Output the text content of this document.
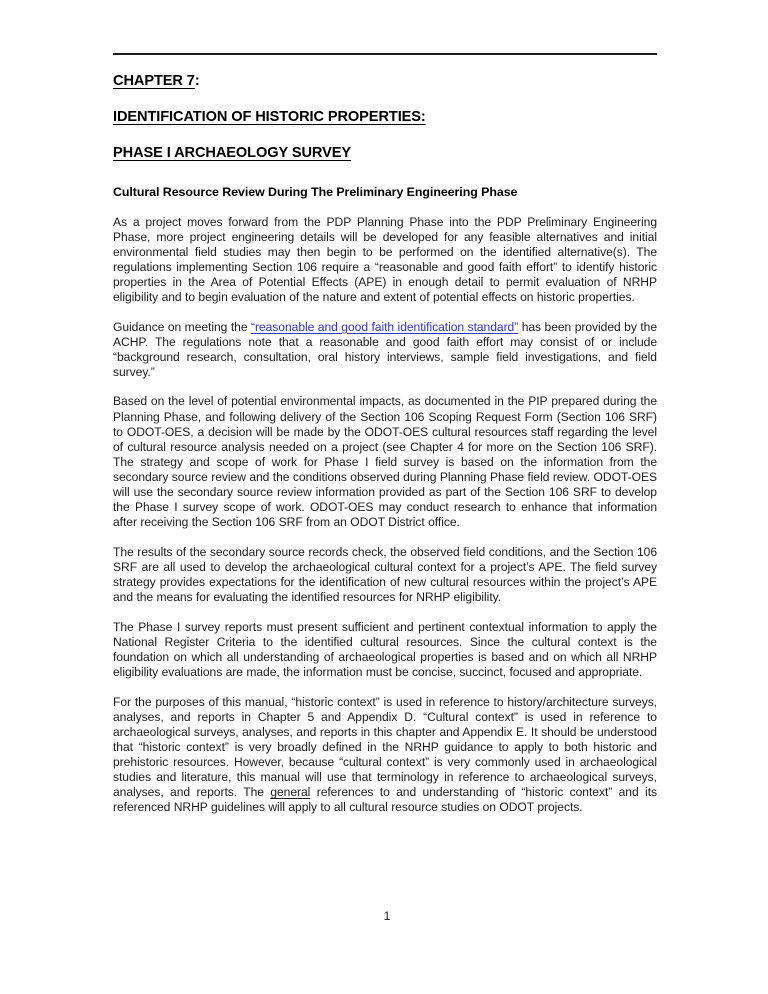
CHAPTER 7:
IDENTIFICATION OF HISTORIC PROPERTIES:
PHASE I ARCHAEOLOGY SURVEY
Cultural Resource Review During The Preliminary Engineering Phase

As a project moves forward from the PDP Planning Phase into the PDP Preliminary Engineering Phase, more project engineering details will be developed for any feasible alternatives and initial environmental field studies may then begin to be performed on the identified alternative(s). The regulations implementing Section 106 require a “reasonable and good faith effort” to identify historic properties in the Area of Potential Effects (APE) in enough detail to permit evaluation of NRHP eligibility and to begin evaluation of the nature and extent of potential effects on historic properties.

Guidance on meeting the “reasonable and good faith identification standard” has been provided by the ACHP. The regulations note that a reasonable and good faith effort may consist of or include “background research, consultation, oral history interviews, sample field investigations, and field survey.”

Based on the level of potential environmental impacts, as documented in the PIP prepared during the Planning Phase, and following delivery of the Section 106 Scoping Request Form (Section 106 SRF) to ODOT-OES, a decision will be made by the ODOT-OES cultural resources staff regarding the level of cultural resource analysis needed on a project (see Chapter 4 for more on the Section 106 SRF). The strategy and scope of work for Phase I field survey is based on the information from the secondary source review and the conditions observed during Planning Phase field review. ODOT-OES will use the secondary source review information provided as part of the Section 106 SRF to develop the Phase I survey scope of work. ODOT-OES may conduct research to enhance that information after receiving the Section 106 SRF from an ODOT District office.

The results of the secondary source records check, the observed field conditions, and the Section 106 SRF are all used to develop the archaeological cultural context for a project’s APE. The field survey strategy provides expectations for the identification of new cultural resources within the project’s APE and the means for evaluating the identified resources for NRHP eligibility.

The Phase I survey reports must present sufficient and pertinent contextual information to apply the National Register Criteria to the identified cultural resources. Since the cultural context is the foundation on which all understanding of archaeological properties is based and on which all NRHP eligibility evaluations are made, the information must be concise, succinct, focused and appropriate.

For the purposes of this manual, “historic context” is used in reference to history/architecture surveys, analyses, and reports in Chapter 5 and Appendix D. “Cultural context” is used in reference to archaeological surveys, analyses, and reports in this chapter and Appendix E. It should be understood that “historic context” is very broadly defined in the NRHP guidance to apply to both historic and prehistoric resources. However, because “cultural context” is very commonly used in archaeological studies and literature, this manual will use that terminology in reference to archaeological surveys, analyses, and reports. The general references to and understanding of “historic context” and its referenced NRHP guidelines will apply to all cultural resource studies on ODOT projects.

1
